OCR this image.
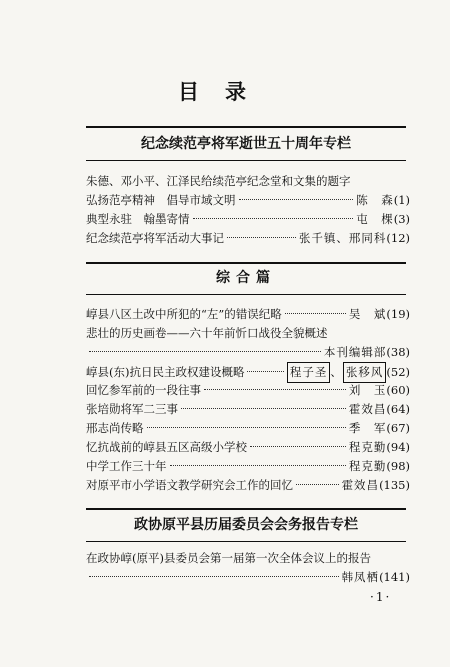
目录
纪念续范亭将军逝世五十周年专栏
朱德、邓小平、江泽民给续范亭纪念堂和文集的题字
弘扬范亭精神　倡导市域文明	陈　森 (1)
典型永驻　翰墨寄情	屯　棵 (3)
纪念续范亭将军活动大事记	张千镇、邢同科 (12)
综合篇
崞县八区土改中所犯的“左”的错误纪略	吴　斌 (19)
悲壮的历史画卷——六十年前忻口战役全貌概述
本刊编辑部 (38)
崞县(东)抗日民主政权建设概略	程子圣 、 张移风 (52)
回忆参军前的一段往事	刘　玉 (60)
张培勋将军二三事	霍效昌 (64)
邢志尚传略	季　军 (67)
忆抗战前的崞县五区高级小学校	程克勤 (94)
中学工作三十年	程克勤 (98)
对原平市小学语文教学研究会工作的回忆	霍效昌 (135)
政协原平县历届委员会会务报告专栏
在政协崞(原平)县委员会第一届第一次全体会议上的报告
韩凤栖 (141)
·1·
